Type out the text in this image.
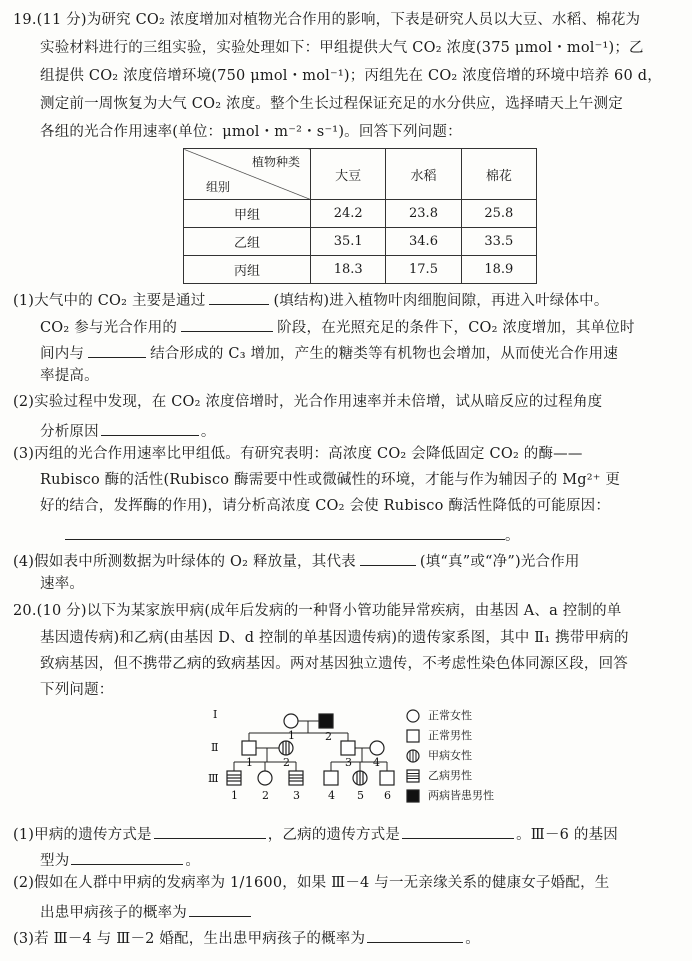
19.(11 分)为研究 CO₂ 浓度增加对植物光合作用的影响，下表是研究人员以大豆、水稻、棉花为
实验材料进行的三组实验，实验处理如下：甲组提供大气 CO₂ 浓度(375 μmol・mol⁻¹)；乙
组提供 CO₂ 浓度倍增环境(750 μmol・mol⁻¹)；丙组先在 CO₂ 浓度倍增的环境中培养 60 d，
测定前一周恢复为大气 CO₂ 浓度。整个生长过程保证充足的水分供应，选择晴天上午测定
各组的光合作用速率(单位：μmol・m⁻²・s⁻¹)。回答下列问题：
植物种类
组别	大豆	水稻	棉花
甲组	24.2	23.8	25.8
乙组	35.1	34.6	33.5
丙组	18.3	17.5	18.9
(1)大气中的 CO₂ 主要是通过	(填结构)进入植物叶肉细胞间隙，再进入叶绿体中。
CO₂ 参与光合作用的	阶段，在光照充足的条件下，CO₂ 浓度增加，其单位时
间内与	结合形成的 C₃ 增加，产生的糖类等有机物也会增加，从而使光合作用速
率提高。
(2)实验过程中发现，在 CO₂ 浓度倍增时，光合作用速率并未倍增，试从暗反应的过程角度
分析原因	。
(3)丙组的光合作用速率比甲组低。有研究表明：高浓度 CO₂ 会降低固定 CO₂ 的酶——
Rubisco 酶的活性(Rubisco 酶需要中性或微碱性的环境，才能与作为辅因子的 Mg²⁺ 更
好的结合，发挥酶的作用)，请分析高浓度 CO₂ 会使 Rubisco 酶活性降低的可能原因：
。
(4)假如表中所测数据为叶绿体的 O₂ 释放量，其代表	(填“真”或“净”)光合作用
速率。
20.(10 分)以下为某家族甲病(成年后发病的一种肾小管功能异常疾病，由基因 A、a 控制的单
基因遗传病)和乙病(由基因 D、d 控制的单基因遗传病)的遗传家系图，其中 Ⅱ₁ 携带甲病的
致病基因，但不携带乙病的致病基因。两对基因独立遗传，不考虑性染色体同源区段，回答
下列问题：
Ⅰ
Ⅱ
Ⅲ
1	2
1	2	3 4
1 2 3	4 5 6
正常女性
正常男性
甲病女性
乙病男性
两病皆患男性
(1)甲病的遗传方式是	，乙病的遗传方式是	。Ⅲ－6 的基因
型为	。
(2)假如在人群中甲病的发病率为 1/1600，如果 Ⅲ－4 与一无亲缘关系的健康女子婚配，生
出患甲病孩子的概率为
(3)若 Ⅲ－4 与 Ⅲ－2 婚配，生出患甲病孩子的概率为	。
